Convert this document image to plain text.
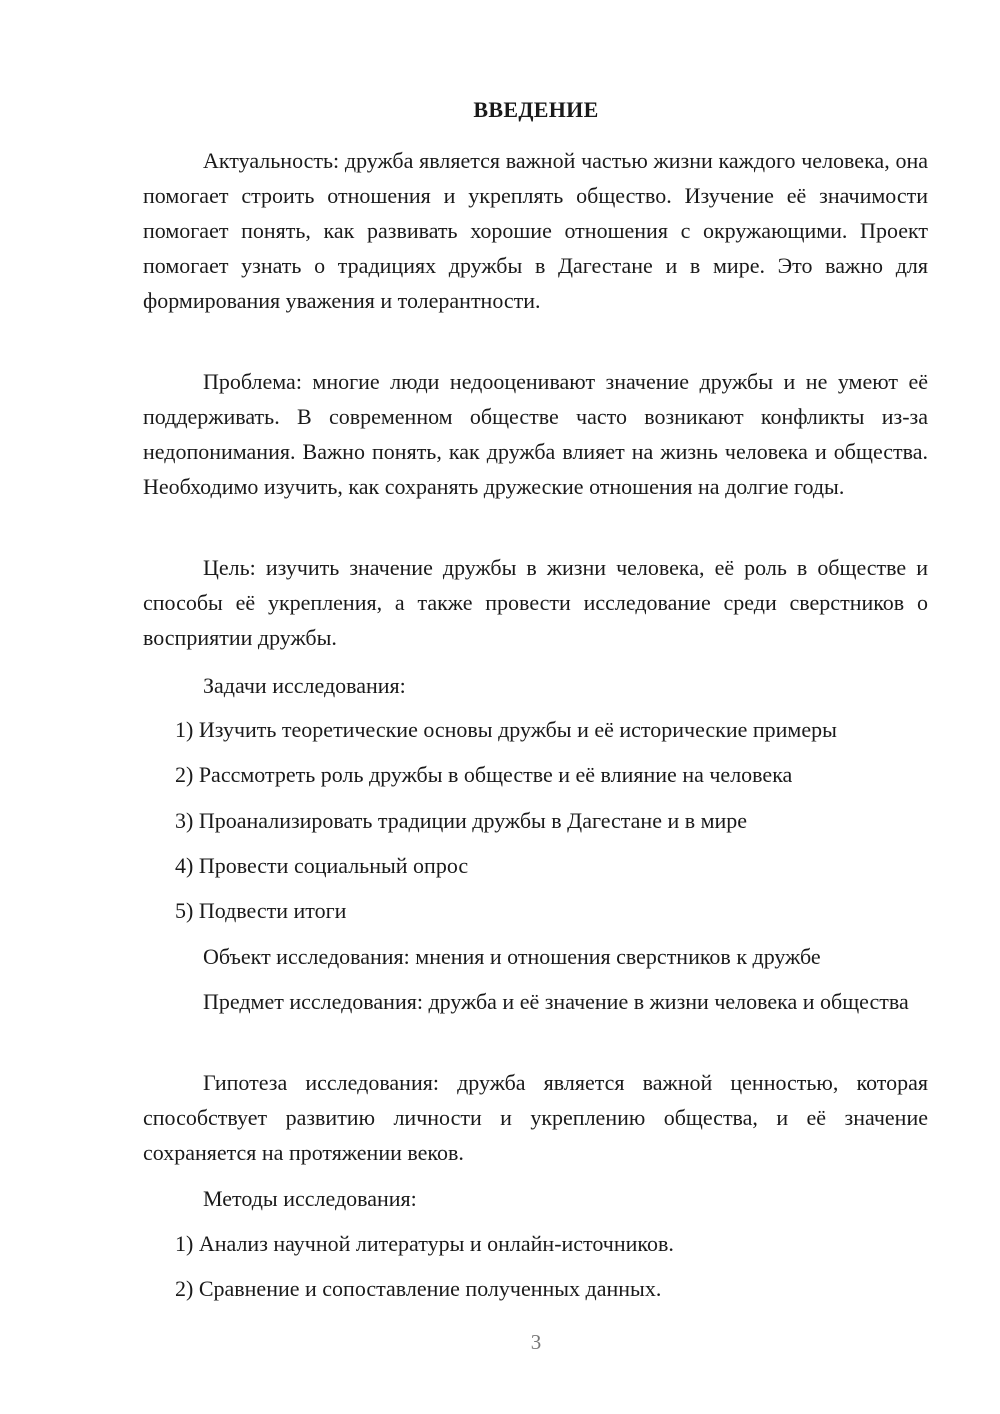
ВВЕДЕНИЕ
Актуальность: дружба является важной частью жизни каждого человека, она помогает строить отношения и укреплять общество. Изучение её значимости помогает понять, как развивать хорошие отношения с окружающими. Проект помогает узнать о традициях дружбы в Дагестане и в мире. Это важно для формирования уважения и толерантности.
Проблема: многие люди недооценивают значение дружбы и не умеют её поддерживать. В современном обществе часто возникают конфликты из-за недопонимания. Важно понять, как дружба влияет на жизнь человека и общества. Необходимо изучить, как сохранять дружеские отношения на долгие годы.
Цель: изучить значение дружбы в жизни человека, её роль в обществе и способы её укрепления, а также провести исследование среди сверстников о восприятии дружбы.
Задачи исследования:
1) Изучить теоретические основы дружбы и её исторические примеры
2) Рассмотреть роль дружбы в обществе и её влияние на человека
3) Проанализировать традиции дружбы в Дагестане и в мире
4) Провести социальный опрос
5) Подвести итоги
Объект исследования: мнения и отношения сверстников к дружбе
Предмет исследования: дружба и её значение в жизни человека и общества
Гипотеза исследования: дружба является важной ценностью, которая способствует развитию личности и укреплению общества, и её значение сохраняется на протяжении веков.
Методы исследования:
1) Анализ научной литературы и онлайн-источников.
2) Сравнение и сопоставление полученных данных.
3
